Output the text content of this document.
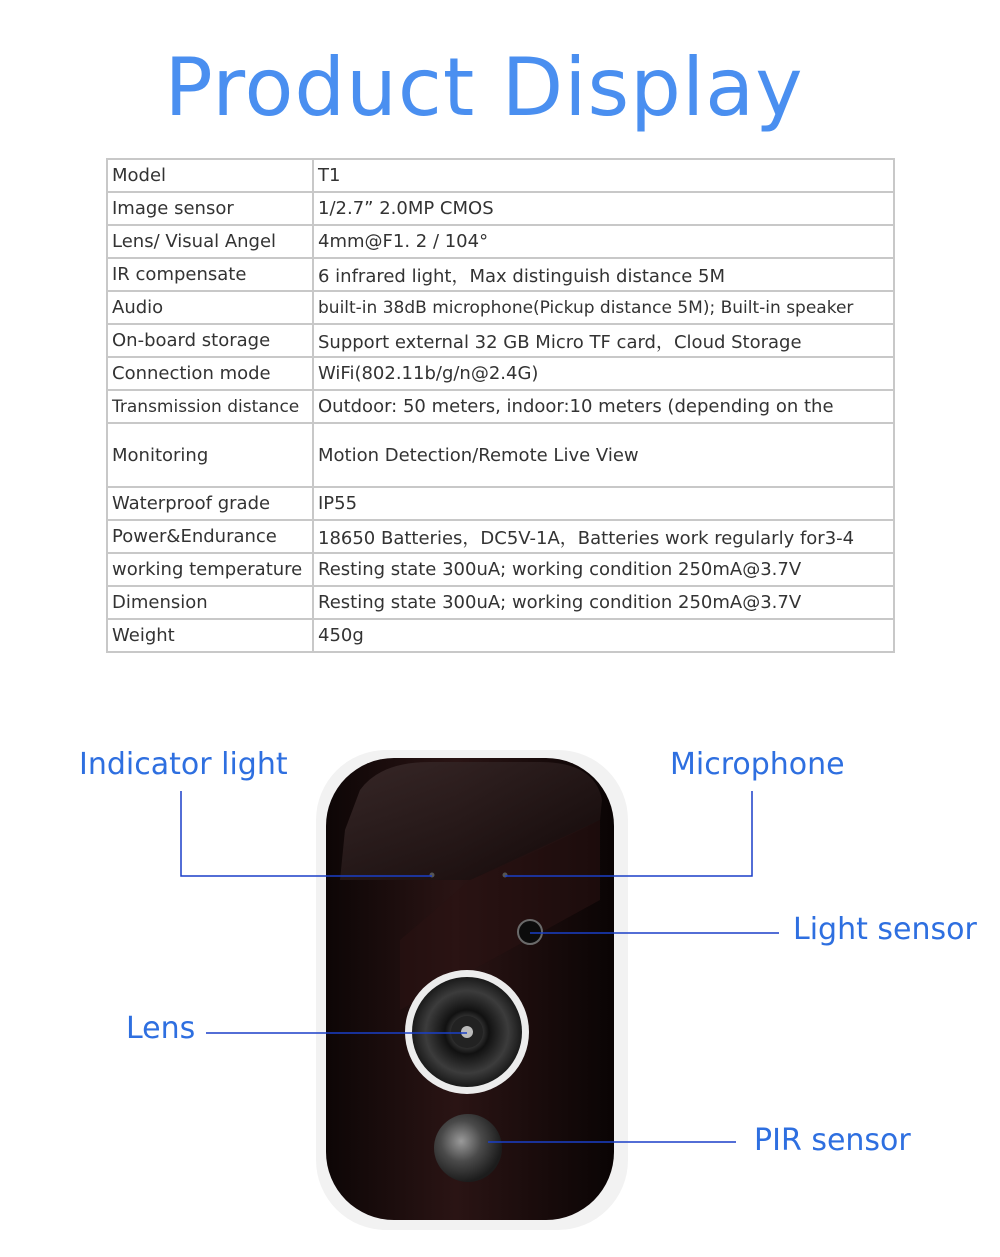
Product Display
Model	T1
Image sensor	1/2.7” 2.0MP CMOS
Lens/ Visual Angel	4mm@F1. 2 / 104°
IR compensate	6 infrared light，Max distinguish distance 5M
Audio	built-in 38dB microphone(Pickup distance 5M); Built-in speaker
On-board storage	Support external 32 GB Micro TF card，Cloud Storage
Connection mode	WiFi(802.11b/g/n@2.4G)
Transmission distance	Outdoor: 50 meters, indoor:10 meters (depending on the
Monitoring	Motion Detection/Remote Live View
Waterproof grade	IP55
Power&Endurance	18650 Batteries，DC5V-1A，Batteries work regularly for3-4
working temperature	Resting state 300uA; working condition 250mA@3.7V
Dimension	Resting state 300uA; working condition 250mA@3.7V
Weight	450g
Indicator light	Microphone
Light sensor
Lens
PIR sensor
